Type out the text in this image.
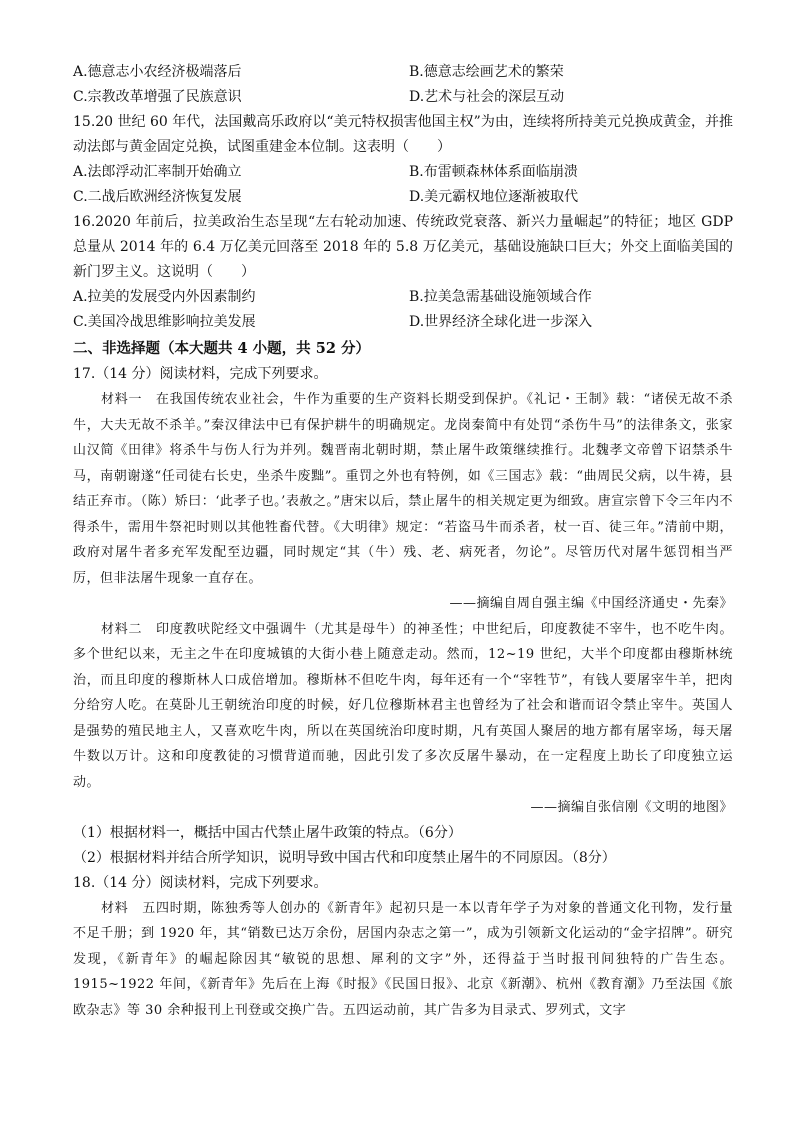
A.德意志小农经济极端落后	B.德意志绘画艺术的繁荣
C.宗教改革增强了民族意识	D.艺术与社会的深层互动
15.20 世纪 60 年代，法国戴高乐政府以“美元特权损害他国主权”为由，连续将所持美元兑换成黄金，并推动法郎与黄金固定兑换，试图重建金本位制。这表明（　　）
A.法郎浮动汇率制开始确立	B.布雷顿森林体系面临崩溃
C.二战后欧洲经济恢复发展	D.美元霸权地位逐渐被取代
16.2020 年前后，拉美政治生态呈现“左右轮动加速、传统政党衰落、新兴力量崛起”的特征；地区 GDP 总量从 2014 年的 6.4 万亿美元回落至 2018 年的 5.8 万亿美元，基础设施缺口巨大；外交上面临美国的新门罗主义。这说明（　　）
A.拉美的发展受内外因素制约	B.拉美急需基础设施领域合作
C.美国冷战思维影响拉美发展	D.世界经济全球化进一步深入
二、非选择题（本大题共 4 小题，共 52 分）
17.（14 分）阅读材料，完成下列要求。
材料一　在我国传统农业社会，牛作为重要的生产资料长期受到保护。《礼记・王制》载：“诸侯无故不杀牛，大夫无故不杀羊。”秦汉律法中已有保护耕牛的明确规定。龙岗秦简中有处罚“杀伤牛马”的法律条文，张家山汉简《田律》将杀牛与伤人行为并列。魏晋南北朝时期，禁止屠牛政策继续推行。北魏孝文帝曾下诏禁杀牛马，南朝谢遂“任司徒右长史，坐杀牛废黜”。重罚之外也有特例，如《三国志》载：“曲周民父病，以牛祷，县结正弃市。（陈）矫曰：‘此孝子也。’表赦之。”唐宋以后，禁止屠牛的相关规定更为细致。唐宣宗曾下令三年内不得杀牛，需用牛祭祀时则以其他牲畜代替。《大明律》规定：“若盗马牛而杀者，杖一百、徒三年。”清前中期，政府对屠牛者多充军发配至边疆，同时规定“其（牛）残、老、病死者，勿论”。尽管历代对屠牛惩罚相当严厉，但非法屠牛现象一直存在。
——摘编自周自强主编《中国经济通史・先秦》
材料二　印度教吠陀经文中强调牛（尤其是母牛）的神圣性；中世纪后，印度教徒不宰牛，也不吃牛肉。多个世纪以来，无主之牛在印度城镇的大街小巷上随意走动。然而，12~19 世纪，大半个印度都由穆斯林统治，而且印度的穆斯林人口成倍增加。穆斯林不但吃牛肉，每年还有一个“宰牲节”，有钱人要屠宰牛羊，把肉分给穷人吃。在莫卧儿王朝统治印度的时候，好几位穆斯林君主也曾经为了社会和谐而诏令禁止宰牛。英国人是强势的殖民地主人，又喜欢吃牛肉，所以在英国统治印度时期，凡有英国人聚居的地方都有屠宰场，每天屠牛数以万计。这和印度教徒的习惯背道而驰，因此引发了多次反屠牛暴动，在一定程度上助长了印度独立运动。
——摘编自张信刚《文明的地图》
（1）根据材料一，概括中国古代禁止屠牛政策的特点。（6分）
（2）根据材料并结合所学知识，说明导致中国古代和印度禁止屠牛的不同原因。（8分）
18.（14 分）阅读材料，完成下列要求。
材料　五四时期，陈独秀等人创办的《新青年》起初只是一本以青年学子为对象的普通文化刊物，发行量不足千册；到 1920 年，其“销数已达万余份，居国内杂志之第一”，成为引领新文化运动的“金字招牌”。研究发现，《新青年》的崛起除因其“敏锐的思想、犀利的文字”外，还得益于当时报刊间独特的广告生态。1915~1922 年间，《新青年》先后在上海《时报》《民国日报》、北京《新潮》、杭州《教育潮》乃至法国《旅欧杂志》等 30 余种报刊上刊登或交换广告。五四运动前，其广告多为目录式、罗列式，文字
